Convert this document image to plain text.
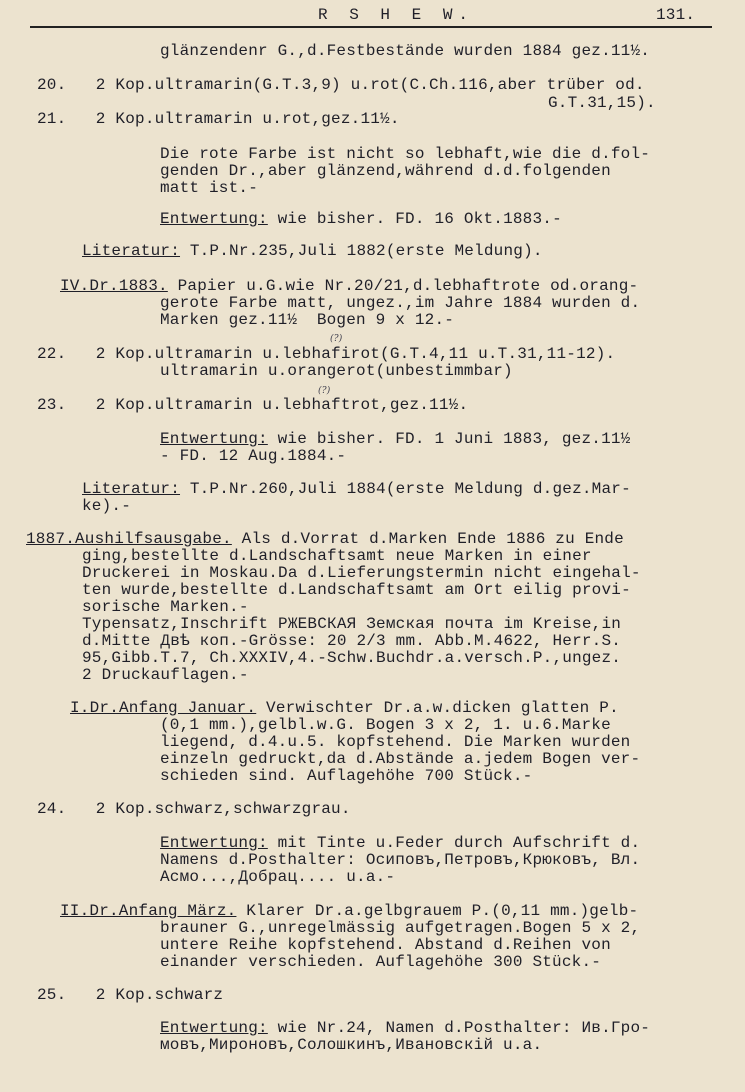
R S H E W.	131.
glänzendenr G.,d.Festbestände wurden 1884 gez.11½.
20.   2 Kop.ultramarin(G.T.3,9) u.rot(C.Ch.116,aber trüber od.
G.T.31,15).
21.   2 Kop.ultramarin u.rot,gez.11½.
Die rote Farbe ist nicht so lebhaft,wie die d.fol-
genden Dr.,aber glänzend,während d.d.folgenden
matt ist.-
Entwertung: wie bisher. FD. 16 Okt.1883.-
Literatur: T.P.Nr.235,Juli 1882(erste Meldung).
IV.Dr.1883. Papier u.G.wie Nr.20/21,d.lebhaftrote od.orang-
gerote Farbe matt, ungez.,im Jahre 1884 wurden d.
Marken gez.11½  Bogen 9 x 12.-
22.   2 Kop.ultramarin u.lebhafirot(G.T.4,11 u.T.31,11-12).
ultramarin u.orangerot(unbestimmbar)
23.   2 Kop.ultramarin u.lebhaftrot,gez.11½.
Entwertung: wie bisher. FD. 1 Juni 1883, gez.11½
- FD. 12 Aug.1884.-
Literatur: T.P.Nr.260,Juli 1884(erste Meldung d.gez.Mar-
ke).-
1887.Aushilfsausgabe. Als d.Vorrat d.Marken Ende 1886 zu Ende
ging,bestellte d.Landschaftsamt neue Marken in einer
Druckerei in Moskau.Da d.Lieferungstermin nicht eingehal-
ten wurde,bestellte d.Landschaftsamt am Ort eilig provi-
sorische Marken.-
Typensatz,Inschrift РЖЕВСКАЯ Земская почта im Kreise,in
d.Mitte Двѣ коп.-Grösse: 20 2/3 mm. Abb.M.4622, Herr.S.
95,Gibb.T.7, Ch.XXXIV,4.-Schw.Buchdr.a.versch.P.,ungez.
2 Druckauflagen.-
I.Dr.Anfang Januar. Verwischter Dr.a.w.dicken glatten P.
(0,1 mm.),gelbl.w.G. Bogen 3 x 2, 1. u.6.Marke
liegend, d.4.u.5. kopfstehend. Die Marken wurden
einzeln gedruckt,da d.Abstände a.jedem Bogen ver-
schieden sind. Auflagehöhe 700 Stück.-
24.   2 Kop.schwarz,schwarzgrau.
Entwertung: mit Tinte u.Feder durch Aufschrift d.
Namens d.Posthalter: Осиповъ,Петровъ,Крюковъ, Вл.
Асмо...,Добрац.... u.a.-
II.Dr.Anfang März. Klarer Dr.a.gelbgrauem P.(0,11 mm.)gelb-
brauner G.,unregelmässig aufgetragen.Bogen 5 x 2,
untere Reihe kopfstehend. Abstand d.Reihen von
einander verschieden. Auflagehöhe 300 Stück.-
25.   2 Kop.schwarz
Entwertung: wie Nr.24, Namen d.Posthalter: Ив.Гро-
мовъ,Мироновъ,Солошкинъ,Ивановскій u.a.
(?)
(?)
